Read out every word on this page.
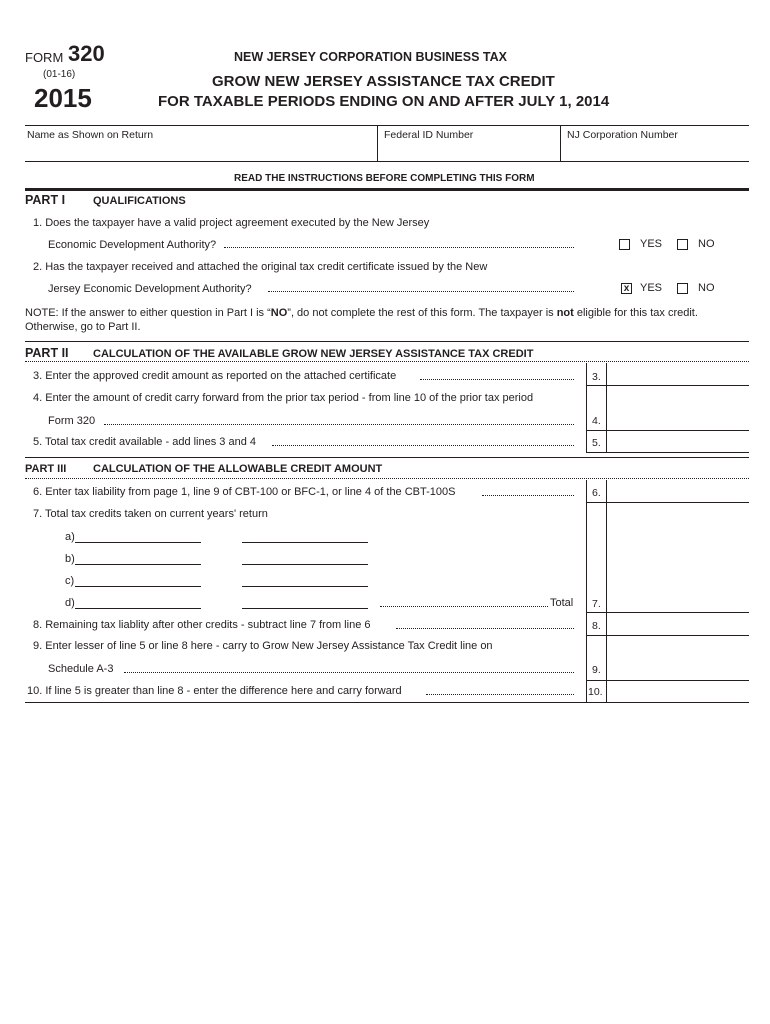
FORM 320
(01-16)
2015
NEW JERSEY CORPORATION BUSINESS TAX
GROW NEW JERSEY ASSISTANCE TAX CREDIT
FOR TAXABLE PERIODS ENDING ON AND AFTER JULY 1, 2014
Name as Shown on Return	Federal ID Number	NJ Corporation Number
READ THE INSTRUCTIONS BEFORE COMPLETING THIS FORM
PART I	QUALIFICATIONS
1. Does the taxpayer have a valid project agreement executed by the New Jersey
Economic Development Authority?	YES	NO
2. Has the taxpayer received and attached the original tax credit certificate issued by the New
Jersey Economic Development Authority?	x YES	NO
NOTE: If the answer to either question in Part I is “NO”, do not complete the rest of this form. The taxpayer is not eligible for this tax credit.
Otherwise, go to Part II.
PART II CALCULATION OF THE AVAILABLE GROW NEW JERSEY ASSISTANCE TAX CREDIT
3. Enter the approved credit amount as reported on the attached certificate	3.
4. Enter the amount of credit carry forward from the prior tax period - from line 10 of the prior tax period
Form 320	4.
5. Total tax credit available - add lines 3 and 4	5.
PART III CALCULATION OF THE ALLOWABLE CREDIT AMOUNT
6. Enter tax liability from page 1, line 9 of CBT-100 or BFC-1, or line 4 of the CBT-100S	6.
7. Total tax credits taken on current years' return
a)
b)
c)
d)	Total 7.
8. Remaining tax liablity after other credits - subtract line 7 from line 6	8.
9. Enter lesser of line 5 or line 8 here - carry to Grow New Jersey Assistance Tax Credit line on
Schedule A-3	9.
10. If line 5 is greater than line 8 - enter the difference here and carry forward	10.
